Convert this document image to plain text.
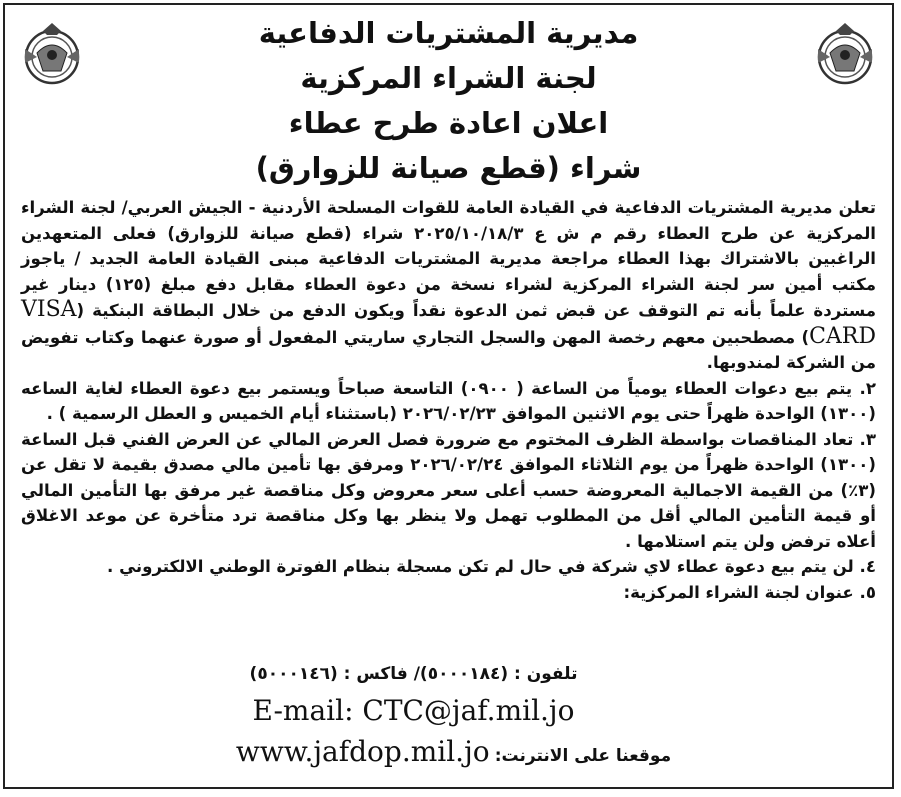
مديرية المشتريات الدفاعية
لجنة الشراء المركزية
اعلان اعادة طرح عطاء
شراء (قطع صيانة للزوارق)

تعلن مديرية المشتريات الدفاعية في القيادة العامة للقوات المسلحة الأردنية - الجيش العربي/ لجنة الشراء المركزية عن طرح العطاء رقم م ش ع ٢٠٢٥/١٠/١٨/٣ شراء (قطع صيانة للزوارق) فعلى المتعهدين الراغبين بالاشتراك بهذا العطاء مراجعة مديرية المشتريات الدفاعية مبنى القيادة العامة الجديد / ياجوز مكتب أمين سر لجنة الشراء المركزية لشراء نسخة من دعوة العطاء مقابل دفع مبلغ (١٢٥) دينار غير مستردة علماً بأنه تم التوقف عن قبض ثمن الدعوة نقداً ويكون الدفع من خلال البطاقة البنكية (VISA CARD) مصطحبين معهم رخصة المهن والسجل التجاري ساريتي المفعول أو صورة عنهما وكتاب تفويض من الشركة لمندوبها.

٢. يتم بيع دعوات العطاء يومياً من الساعة ( ٠٩٠٠) التاسعة صباحاً ويستمر بيع دعوة العطاء لغاية الساعه (١٣٠٠) الواحدة ظهراً حتى يوم الاثنين الموافق ٢٠٢٦/٠٢/٢٣ (باستثناء أيام الخميس و العطل الرسمية ) .

٣. تعاد المناقصات بواسطة الظرف المختوم مع ضرورة فصل العرض المالي عن العرض الفني قبل الساعة (١٣٠٠) الواحدة ظهراً من يوم الثلاثاء الموافق ٢٠٢٦/٠٢/٢٤ ومرفق بها تأمين مالي مصدق بقيمة لا تقل عن (٣٪) من القيمة الاجمالية المعروضة حسب أعلى سعر معروض وكل مناقصة غير مرفق بها التأمين المالي أو قيمة التأمين المالي أقل من المطلوب تهمل ولا ينظر بها وكل مناقصة ترد متأخرة عن موعد الاغلاق أعلاه ترفض ولن يتم استلامها .

٤. لن يتم بيع دعوة عطاء لاي شركة في حال لم تكن مسجلة بنظام الفوترة الوطني الالكتروني .

٥. عنوان لجنة الشراء المركزية:

تلفون : (٥٠٠٠١٨٤)/ فاكس : (٥٠٠٠١٤٦)
E-mail: CTC@jaf.mil.jo
موقعنا على الانترنت: www.jafdop.mil.jo
